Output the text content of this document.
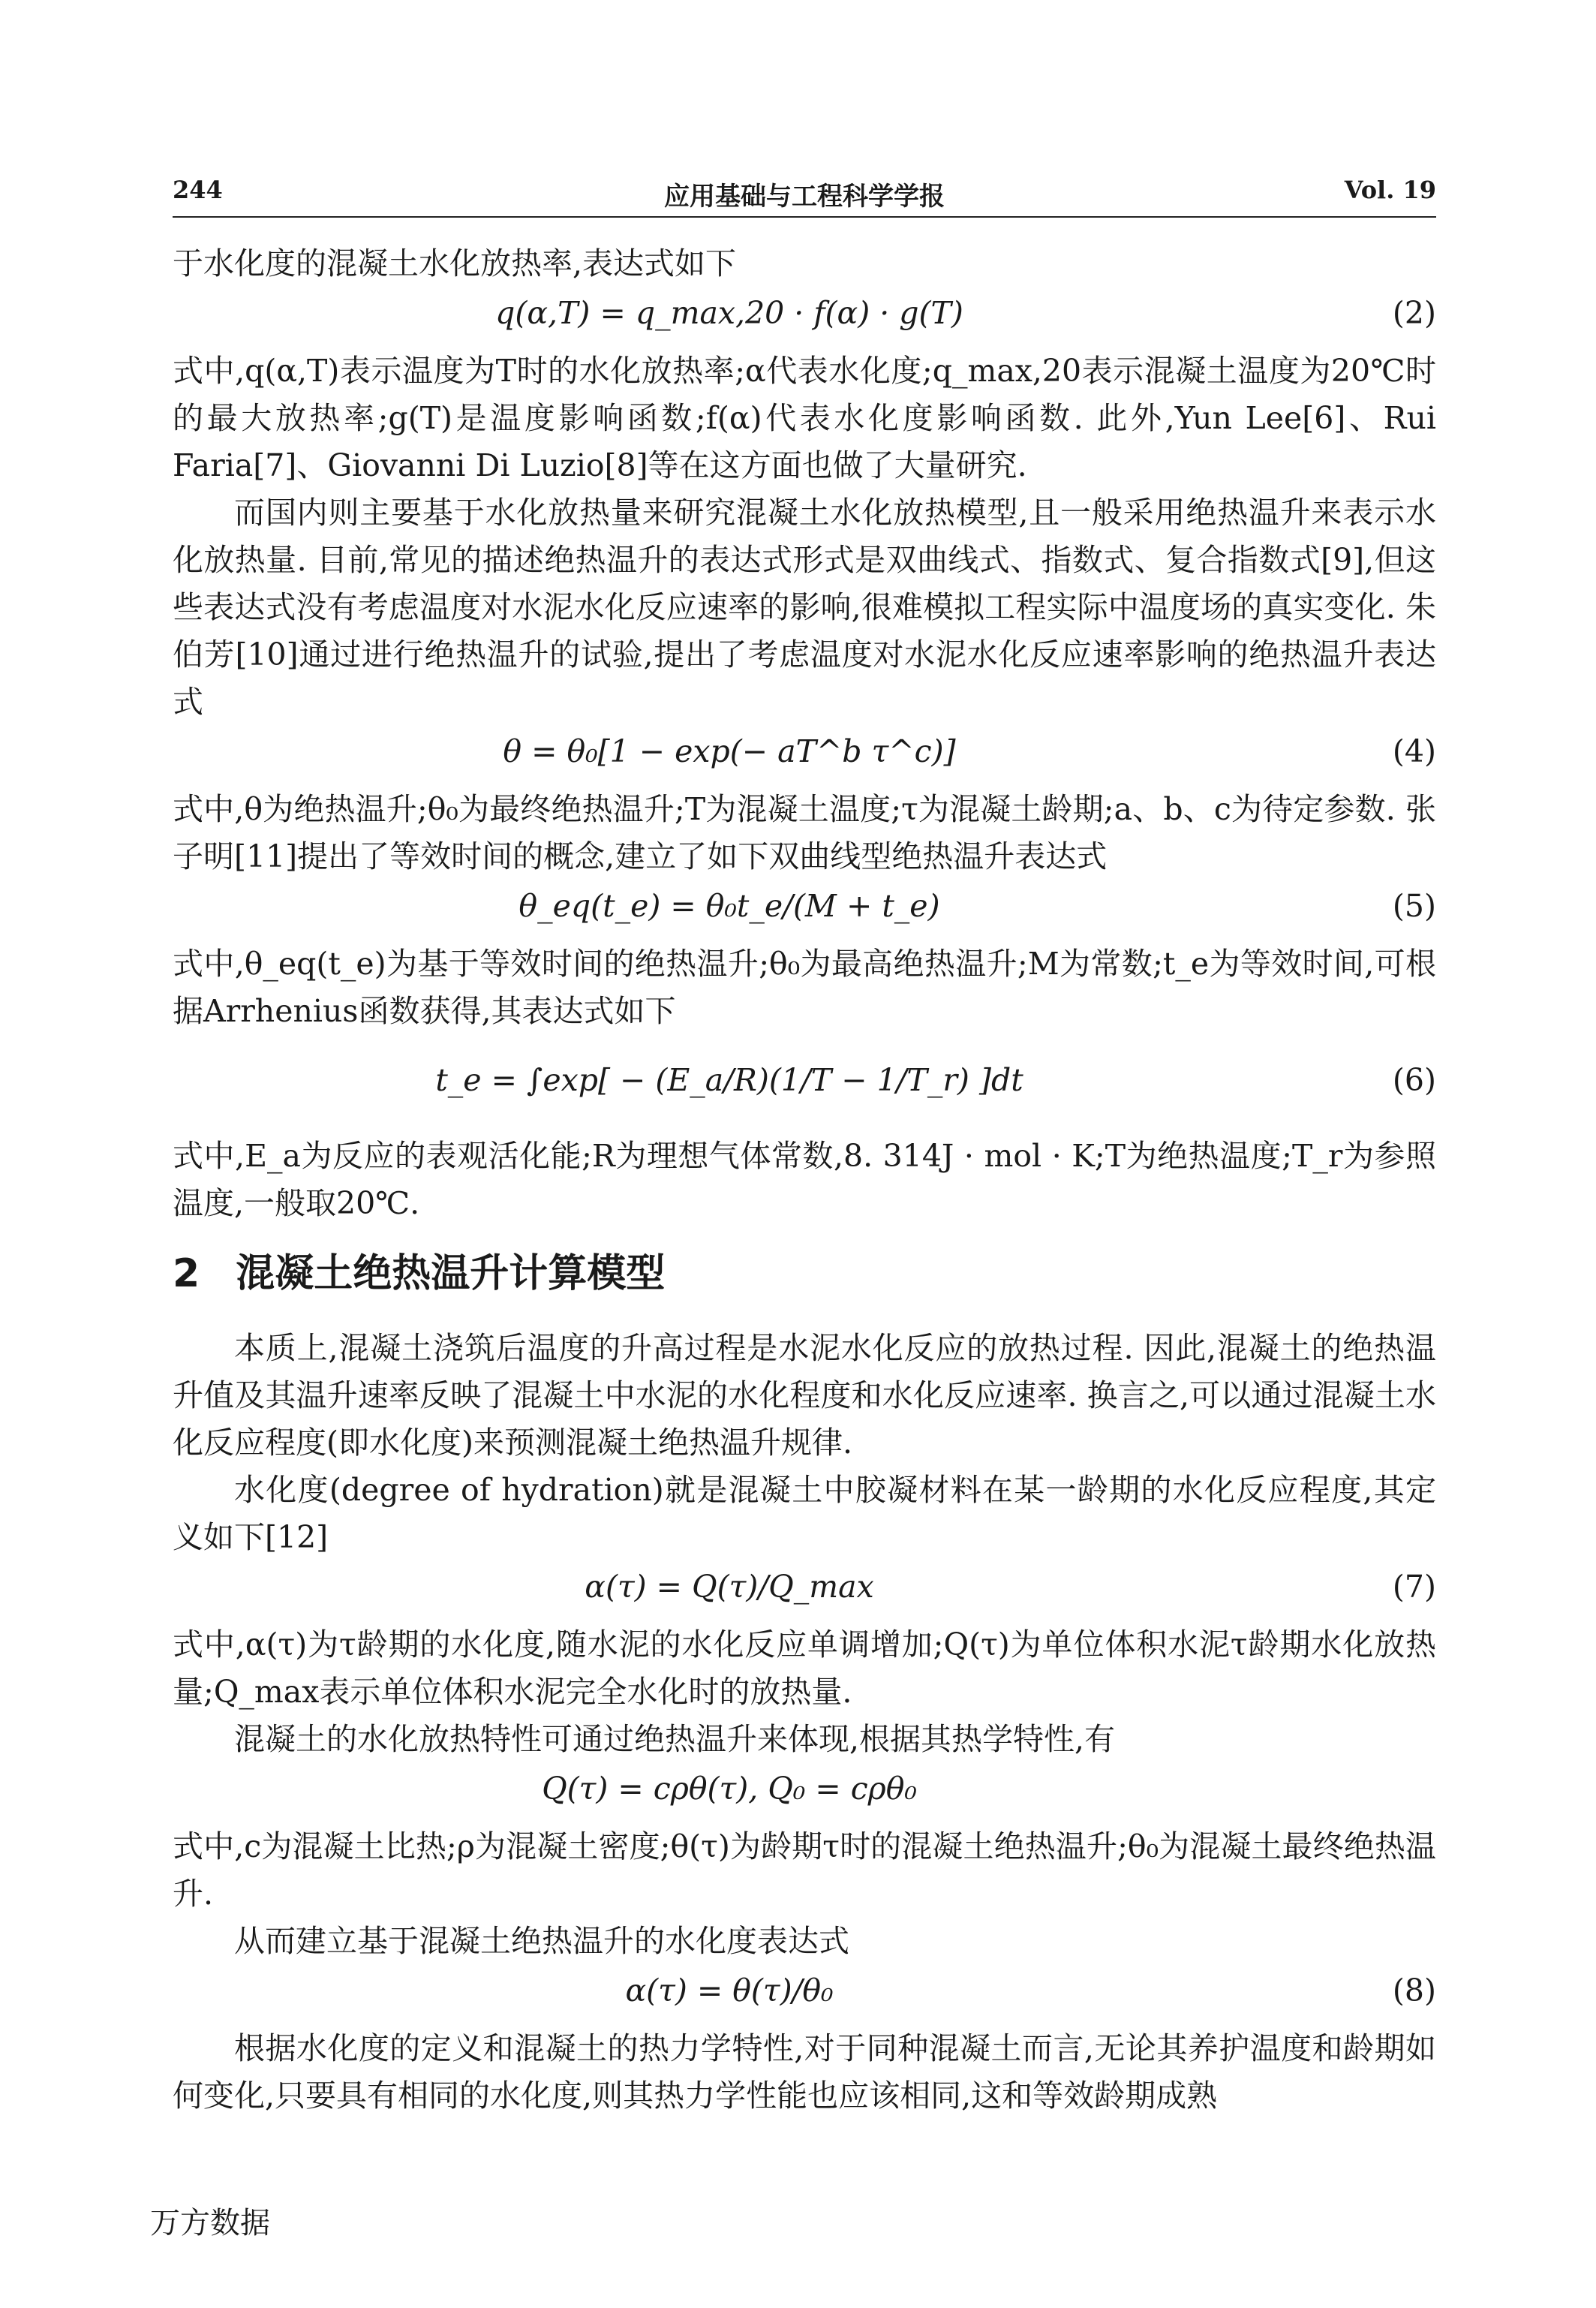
244	应用基础与工程科学学报	Vol. 19

于水化度的混凝土水化放热率,表达式如下

q(α,T) = q_max,20 · f(α) · g(T)	(2)

式中,q(α,T)表示温度为T时的水化放热率;α代表水化度;q_max,20表示混凝土温度为20℃时的最大放热率;g(T)是温度影响函数;f(α)代表水化度影响函数. 此外,Yun Lee[6]、Rui Faria[7]、Giovanni Di Luzio[8]等在这方面也做了大量研究.

而国内则主要基于水化放热量来研究混凝土水化放热模型,且一般采用绝热温升来表示水化放热量. 目前,常见的描述绝热温升的表达式形式是双曲线式、指数式、复合指数式[9],但这些表达式没有考虑温度对水泥水化反应速率的影响,很难模拟工程实际中温度场的真实变化. 朱伯芳[10]通过进行绝热温升的试验,提出了考虑温度对水泥水化反应速率影响的绝热温升表达式

θ = θ₀[1 − exp(− aT^b τ^c)]	(4)

式中,θ为绝热温升;θ₀为最终绝热温升;T为混凝土温度;τ为混凝土龄期;a、b、c为待定参数. 张子明[11]提出了等效时间的概念,建立了如下双曲线型绝热温升表达式

θ_eq(t_e) = θ₀t_e/(M + t_e)	(5)

式中,θ_eq(t_e)为基于等效时间的绝热温升;θ₀为最高绝热温升;M为常数;t_e为等效时间,可根据Arrhenius函数获得,其表达式如下

t_e = ∫exp[ − (E_a/R)(1/T − 1/T_r) ]dt	(6)

式中,E_a为反应的表观活化能;R为理想气体常数,8. 314J · mol · K;T为绝热温度;T_r为参照温度,一般取20℃.

2 混凝土绝热温升计算模型

本质上,混凝土浇筑后温度的升高过程是水泥水化反应的放热过程. 因此,混凝土的绝热温升值及其温升速率反映了混凝土中水泥的水化程度和水化反应速率. 换言之,可以通过混凝土水化反应程度(即水化度)来预测混凝土绝热温升规律.

水化度(degree of hydration)就是混凝土中胶凝材料在某一龄期的水化反应程度,其定义如下[12]

α(τ) = Q(τ)/Q_max	(7)

式中,α(τ)为τ龄期的水化度,随水泥的水化反应单调增加;Q(τ)为单位体积水泥τ龄期水化放热量;Q_max表示单位体积水泥完全水化时的放热量.

混凝土的水化放热特性可通过绝热温升来体现,根据其热学特性,有

Q(τ) = cρθ(τ), Q₀ = cρθ₀

式中,c为混凝土比热;ρ为混凝土密度;θ(τ)为龄期τ时的混凝土绝热温升;θ₀为混凝土最终绝热温升.

从而建立基于混凝土绝热温升的水化度表达式

α(τ) = θ(τ)/θ₀	(8)

根据水化度的定义和混凝土的热力学特性,对于同种混凝土而言,无论其养护温度和龄期如何变化,只要具有相同的水化度,则其热力学性能也应该相同,这和等效龄期成熟

万方数据
